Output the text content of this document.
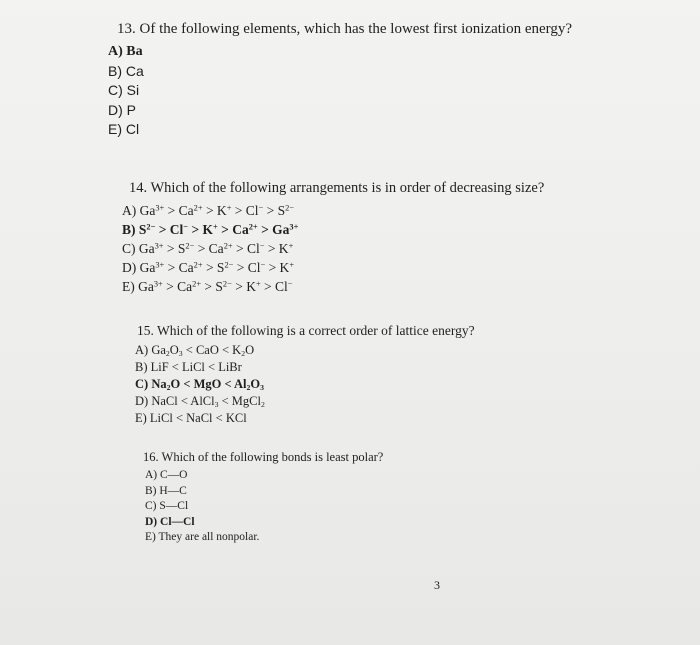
13. Of the following elements, which has the lowest first ionization energy?
A) Ba
B) Ca
C) Si
D) P
E) Cl
14. Which of the following arrangements is in order of decreasing size?
A) $Ga^{3+} > Ca^{2+} > K^+ > Cl^- > S^{2-}$
B) $S^{2-} > Cl^- > K^+ > Ca^{2+} > Ga^{3+}$
C) $Ga^{3+} > S^{2-} > Ca^{2+} > Cl^- > K^+$
D) $Ga^{3+} > Ca^{2+} > S^{2-} > Cl^- > K^+$
E) $Ga^{3+} > Ca^{2+} > S^{2-} > K^+ > Cl^-$
15. Which of the following is a correct order of lattice energy?
A) $Ga_2O_3$ < CaO < $K_2O$
B) LiF < LiCl < LiBr
C) $Na_2O$ < MgO < $Al_2O_3$
D) NaCl < AlCl$_3$ < MgCl$_2$
E) LiCl < NaCl < KCl
16. Which of the following bonds is least polar?
A) C—O
B) H—C
C) S—Cl
D) Cl—Cl
E) They are all nonpolar.
3
